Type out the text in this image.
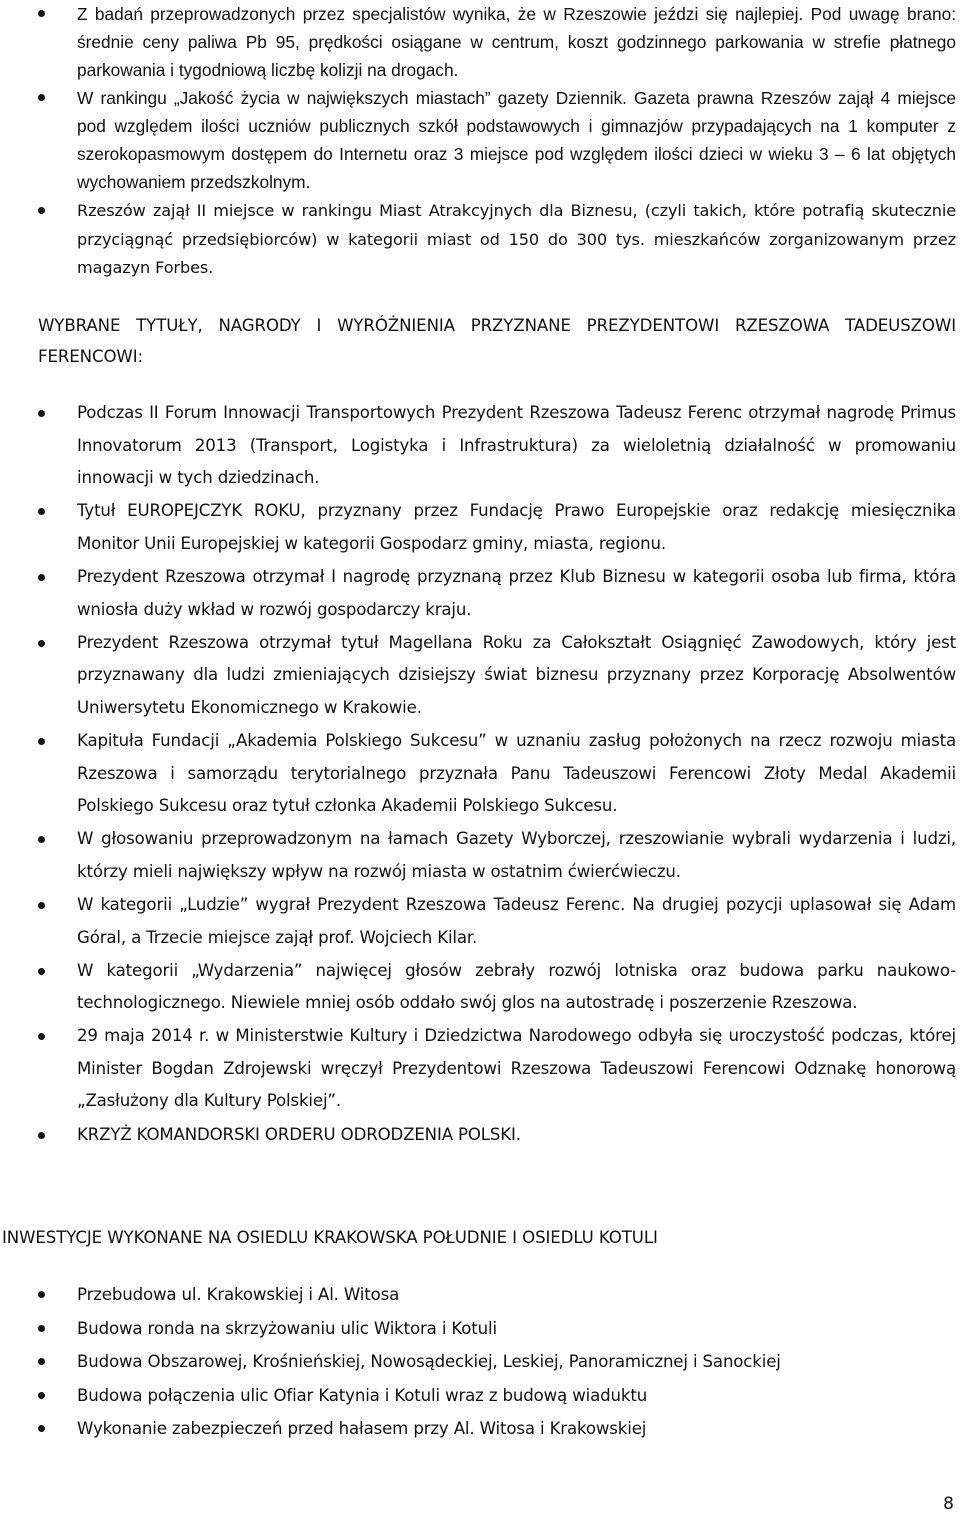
Z badań przeprowadzonych przez specjalistów wynika, że w Rzeszowie jeździ się najlepiej. Pod uwagę brano: średnie ceny paliwa Pb 95, prędkości osiągane w centrum, koszt godzinnego parkowania w strefie płatnego parkowania i tygodniową liczbę kolizji na drogach.
W rankingu „Jakość życia w największych miastach” gazety Dziennik. Gazeta prawna Rzeszów zajął 4 miejsce pod względem ilości uczniów publicznych szkół podstawowych i gimnazjów przypadających na 1 komputer z szerokopasmowym dostępem do Internetu oraz 3 miejsce pod względem ilości dzieci w wieku 3 – 6 lat objętych wychowaniem przedszkolnym.
Rzeszów zajął II miejsce w rankingu Miast Atrakcyjnych dla Biznesu, (czyli takich, które potrafią skutecznie przyciągnąć przedsiębiorców) w kategorii miast od 150 do 300 tys. mieszkańców zorganizowanym przez magazyn Forbes.
WYBRANE TYTUŁY, NAGRODY I WYRÓŻNIENIA PRZYZNANE PREZYDENTOWI RZESZOWA TADEUSZOWI FERENCOWI:
Podczas II Forum Innowacji Transportowych Prezydent Rzeszowa Tadeusz Ferenc otrzymał nagrodę Primus Innovatorum 2013 (Transport, Logistyka i Infrastruktura) za wieloletnią działalność w promowaniu innowacji w tych dziedzinach.
Tytuł EUROPEJCZYK ROKU, przyznany przez Fundację Prawo Europejskie oraz redakcję miesięcznika Monitor Unii Europejskiej w kategorii Gospodarz gminy, miasta, regionu.
Prezydent Rzeszowa otrzymał I nagrodę przyznaną przez Klub Biznesu w kategorii osoba lub firma, która wniosła duży wkład w rozwój gospodarczy kraju.
Prezydent Rzeszowa otrzymał tytuł Magellana Roku za Całokształt Osiągnięć Zawodowych, który jest przyznawany dla ludzi zmieniających dzisiejszy świat biznesu przyznany przez Korporację Absolwentów Uniwersytetu Ekonomicznego w Krakowie.
Kapituła Fundacji „Akademia Polskiego Sukcesu” w uznaniu zasług położonych na rzecz rozwoju miasta Rzeszowa i samorządu terytorialnego przyznała Panu Tadeuszowi Ferencowi Złoty Medal Akademii Polskiego Sukcesu oraz tytuł członka Akademii Polskiego Sukcesu.
W głosowaniu przeprowadzonym na łamach Gazety Wyborczej, rzeszowianie wybrali wydarzenia i ludzi, którzy mieli największy wpływ na rozwój miasta w ostatnim ćwierćwieczu.
W kategorii „Ludzie” wygrał Prezydent Rzeszowa Tadeusz Ferenc. Na drugiej pozycji uplasował się Adam Góral, a Trzecie miejsce zajął prof. Wojciech Kilar.
W kategorii „Wydarzenia” najwięcej głosów zebrały rozwój lotniska oraz budowa parku naukowo-technologicznego. Niewiele mniej osób oddało swój glos na autostradę i poszerzenie Rzeszowa.
29 maja 2014 r. w Ministerstwie Kultury i Dziedzictwa Narodowego odbyła się uroczystość podczas, której Minister Bogdan Zdrojewski wręczył Prezydentowi Rzeszowa Tadeuszowi Ferencowi Odznakę honorową „Zasłużony dla Kultury Polskiej”.
KRZYŻ KOMANDORSKI ORDERU ODRODZENIA POLSKI.
INWESTYCJE WYKONANE NA OSIEDLU KRAKOWSKA POŁUDNIE I OSIEDLU KOTULI
Przebudowa ul. Krakowskiej i Al. Witosa
Budowa ronda na skrzyżowaniu ulic Wiktora i Kotuli
Budowa Obszarowej, Krośnieńskiej, Nowosądeckiej, Leskiej, Panoramicznej i Sanockiej
Budowa połączenia ulic Ofiar Katynia i Kotuli wraz z budową wiaduktu
Wykonanie zabezpieczeń przed hałasem przy Al. Witosa i Krakowskiej
8
